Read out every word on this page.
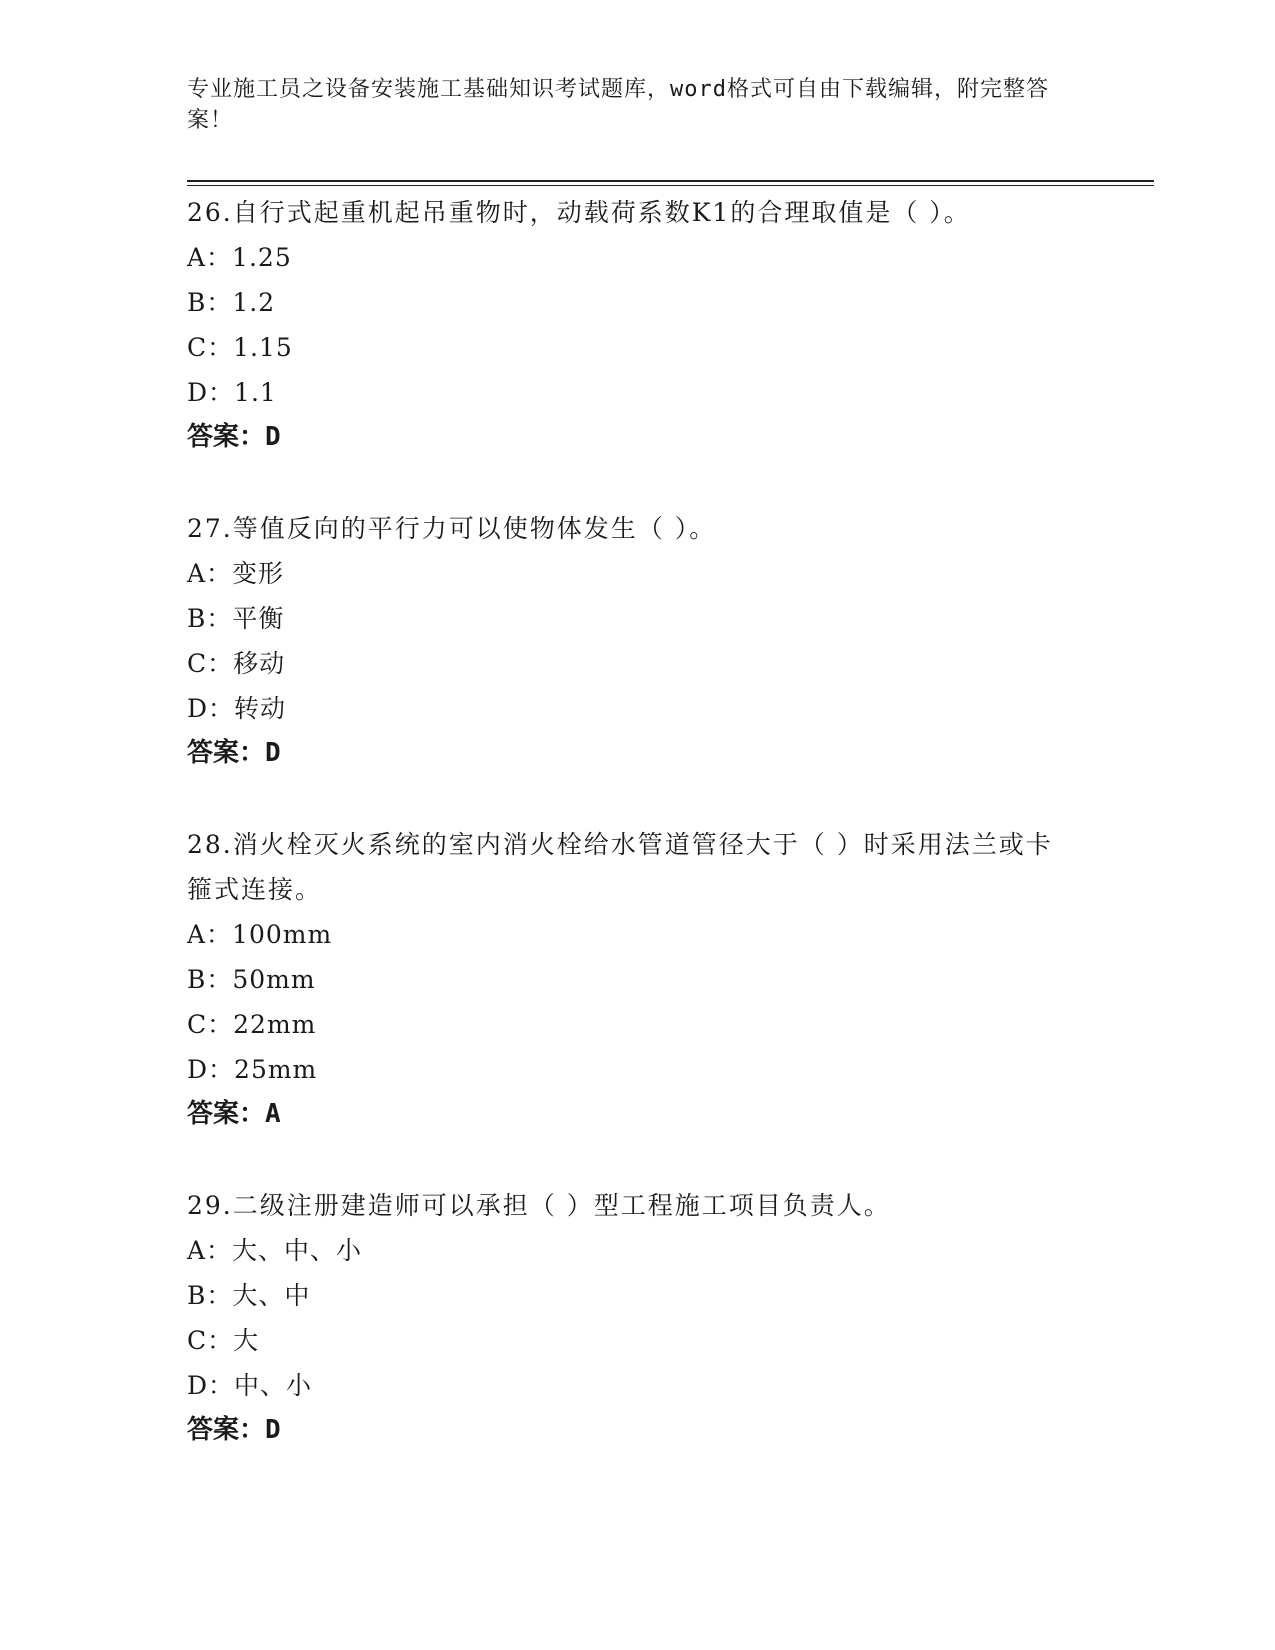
专业施工员之设备安装施工基础知识考试题库，word格式可自由下载编辑，附完整答案！
26.自行式起重机起吊重物时，动载荷系数K1的合理取值是（ ）。
A：1.25
B：1.2
C：1.15
D：1.1
答案：D
27.等值反向的平行力可以使物体发生（ ）。
A：变形
B：平衡
C：移动
D：转动
答案：D
28.消火栓灭火系统的室内消火栓给水管道管径大于（ ）时采用法兰或卡箍式连接。
A：100mm
B：50mm
C：22mm
D：25mm
答案：A
29.二级注册建造师可以承担（ ）型工程施工项目负责人。
A：大、中、小
B：大、中
C：大
D：中、小
答案：D
